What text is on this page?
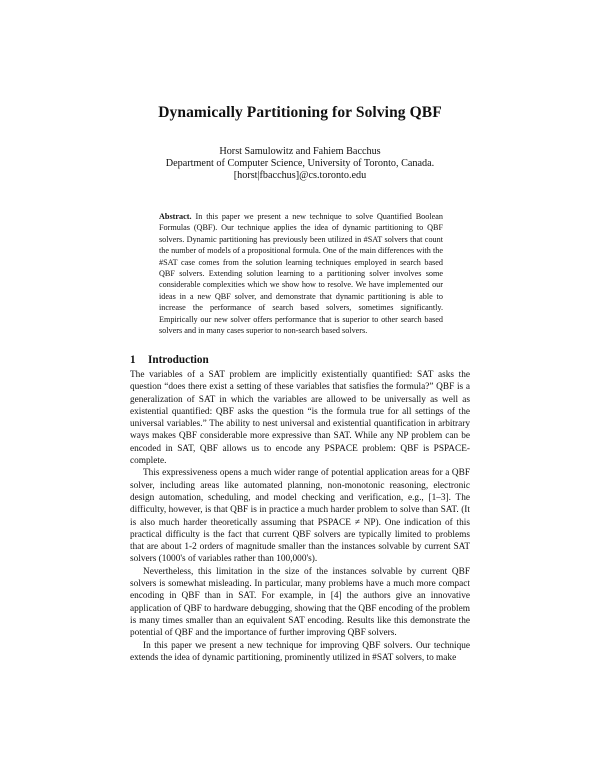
Dynamically Partitioning for Solving QBF
Horst Samulowitz and Fahiem Bacchus
Department of Computer Science, University of Toronto, Canada.
[horst|fbacchus]@cs.toronto.edu
Abstract. In this paper we present a new technique to solve Quantified Boolean Formulas (QBF). Our technique applies the idea of dynamic partitioning to QBF solvers. Dynamic partitioning has previously been utilized in #SAT solvers that count the number of models of a propositional formula. One of the main differences with the #SAT case comes from the solution learning techniques employed in search based QBF solvers. Extending solution learning to a partitioning solver involves some considerable complexities which we show how to resolve. We have implemented our ideas in a new QBF solver, and demonstrate that dynamic partitioning is able to increase the performance of search based solvers, sometimes significantly. Empirically our new solver offers performance that is superior to other search based solvers and in many cases superior to non-search based solvers.
1 Introduction

The variables of a SAT problem are implicitly existentially quantified: SAT asks the question “does there exist a setting of these variables that satisfies the formula?” QBF is a generalization of SAT in which the variables are allowed to be universally as well as existential quantified: QBF asks the question “is the formula true for all settings of the universal variables.” The ability to nest universal and existential quantification in arbitrary ways makes QBF considerable more expressive than SAT. While any NP problem can be encoded in SAT, QBF allows us to encode any PSPACE problem: QBF is PSPACE-complete.

This expressiveness opens a much wider range of potential application areas for a QBF solver, including areas like automated planning, non-monotonic reasoning, electronic design automation, scheduling, and model checking and verification, e.g., [1–3]. The difficulty, however, is that QBF is in practice a much harder problem to solve than SAT. (It is also much harder theoretically assuming that PSPACE ≠ NP). One indication of this practical difficulty is the fact that current QBF solvers are typically limited to problems that are about 1-2 orders of magnitude smaller than the instances solvable by current SAT solvers (1000's of variables rather than 100,000's).

Nevertheless, this limitation in the size of the instances solvable by current QBF solvers is somewhat misleading. In particular, many problems have a much more compact encoding in QBF than in SAT. For example, in [4] the authors give an innovative application of QBF to hardware debugging, showing that the QBF encoding of the problem is many times smaller than an equivalent SAT encoding. Results like this demonstrate the potential of QBF and the importance of further improving QBF solvers.

In this paper we present a new technique for improving QBF solvers. Our technique extends the idea of dynamic partitioning, prominently utilized in #SAT solvers, to make
